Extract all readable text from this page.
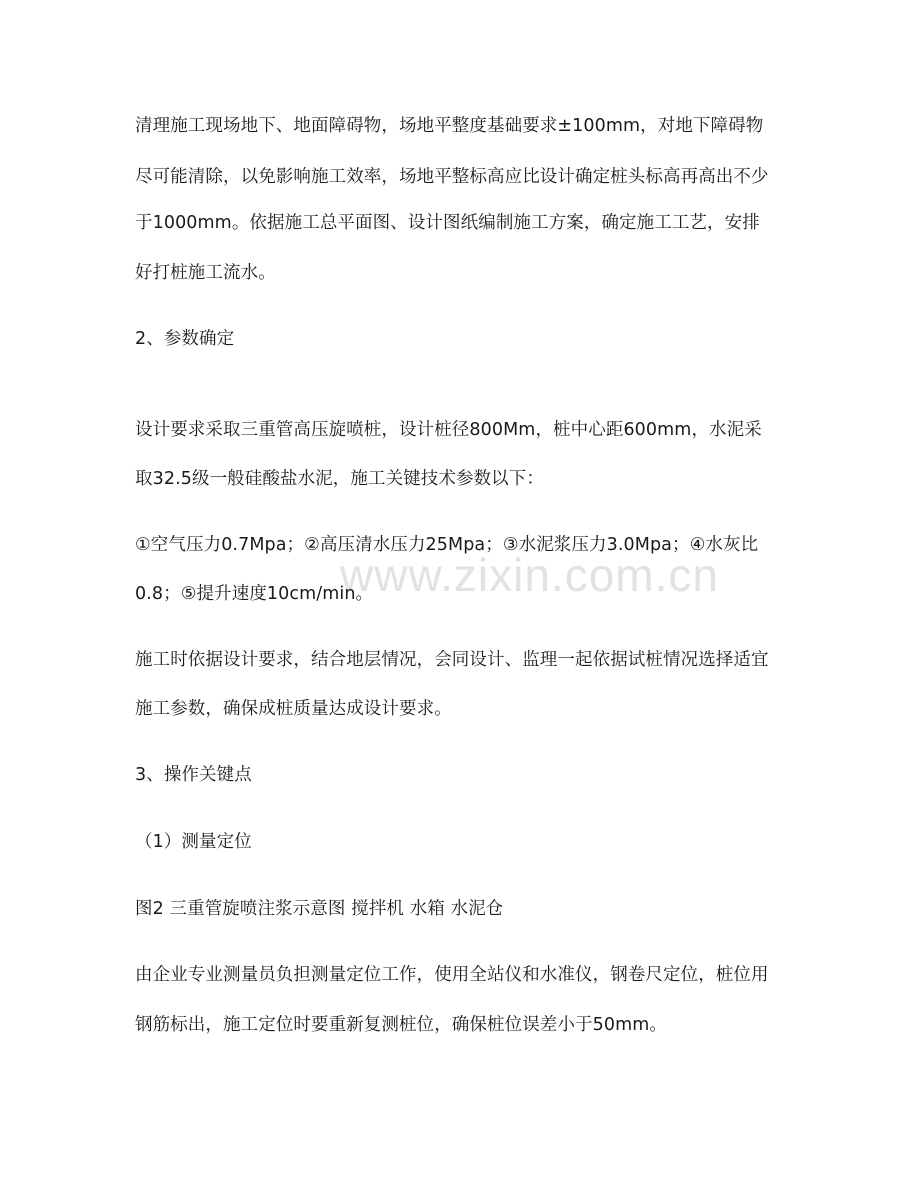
www.zixin.com.cn
清理施工现场地下、地面障碍物，场地平整度基础要求±100mm，对地下障碍物
尽可能清除，以免影响施工效率，场地平整标高应比设计确定桩头标高再高出不少
于1000mm。依据施工总平面图、设计图纸编制施工方案，确定施工工艺，安排
好打桩施工流水。
2、参数确定
设计要求采取三重管高压旋喷桩，设计桩径800Mm，桩中心距600mm，水泥采
取32.5级一般硅酸盐水泥，施工关键技术参数以下：
①空气压力0.7Mpa；②高压清水压力25Mpa；③水泥浆压力3.0Mpa；④水灰比
0.8；⑤提升速度10cm/min。
施工时依据设计要求，结合地层情况，会同设计、监理一起依据试桩情况选择适宜
施工参数，确保成桩质量达成设计要求。
3、操作关键点
（1）测量定位
图2 三重管旋喷注浆示意图 搅拌机 水箱 水泥仓
由企业专业测量员负担测量定位工作，使用全站仪和水准仪，钢卷尺定位，桩位用
钢筋标出，施工定位时要重新复测桩位，确保桩位误差小于50mm。
